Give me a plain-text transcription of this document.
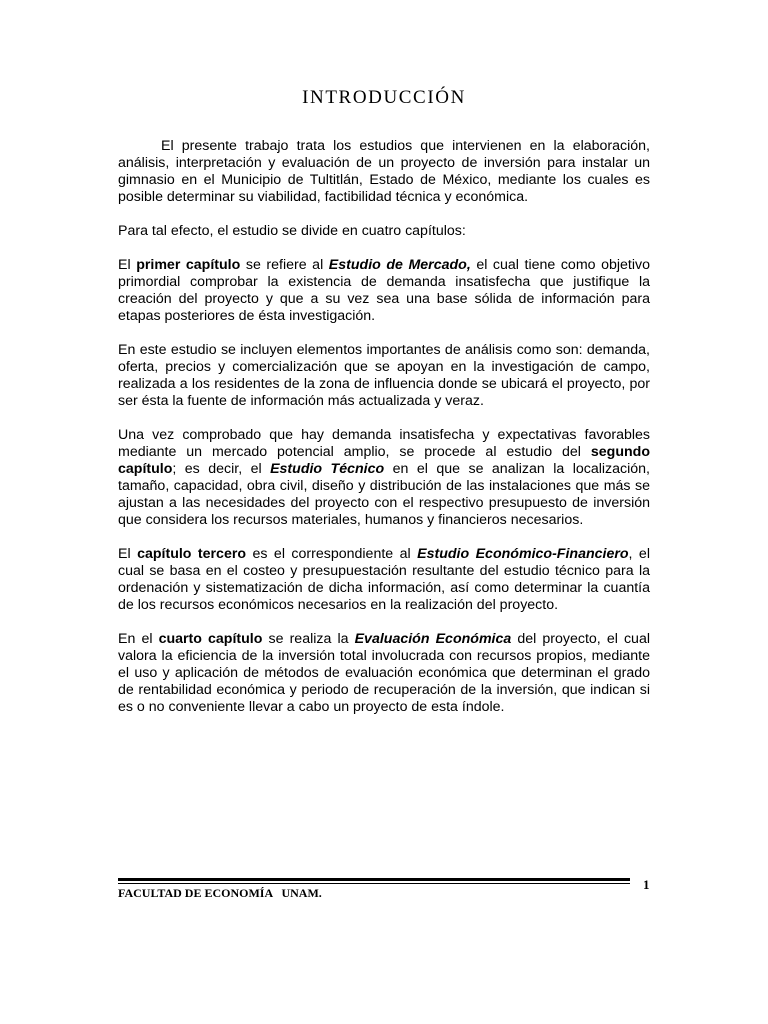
INTRODUCCIÓN

El presente trabajo trata los estudios que intervienen en la elaboración, análisis, interpretación y evaluación de un proyecto de inversión para instalar un gimnasio en el Municipio de Tultitlán, Estado de México, mediante los cuales es posible determinar su viabilidad, factibilidad técnica y económica.

Para tal efecto, el estudio se divide en cuatro capítulos:

El primer capítulo se refiere al Estudio de Mercado, el cual tiene como objetivo primordial comprobar la existencia de demanda insatisfecha que justifique la creación del proyecto y que a su vez sea una base sólida de información para etapas posteriores de ésta investigación.

En este estudio se incluyen elementos importantes de análisis como son: demanda, oferta, precios y comercialización que se apoyan en la investigación de campo, realizada a los residentes de la zona de influencia donde se ubicará el proyecto, por ser ésta la fuente de información más actualizada y veraz.

Una vez comprobado que hay demanda insatisfecha y expectativas favorables mediante un mercado potencial amplio, se procede al estudio del segundo capítulo; es decir, el Estudio Técnico en el que se analizan la localización, tamaño, capacidad, obra civil, diseño y distribución de las instalaciones que más se ajustan a las necesidades del proyecto con el respectivo presupuesto de inversión que considera los recursos materiales, humanos y financieros necesarios.

El capítulo tercero es el correspondiente al Estudio Económico-Financiero, el cual se basa en el costeo y presupuestación resultante del estudio técnico para la ordenación y sistematización de dicha información, así como determinar la cuantía de los recursos económicos necesarios en la realización del proyecto.

En el cuarto capítulo se realiza la Evaluación Económica del proyecto, el cual valora la eficiencia de la inversión total involucrada con recursos propios, mediante el uso y aplicación de métodos de evaluación económica que determinan el grado de rentabilidad económica y periodo de recuperación de la inversión, que indican si es o no conveniente llevar a cabo un proyecto de esta índole.

FACULTAD DE ECONOMÍA   UNAM.
1
